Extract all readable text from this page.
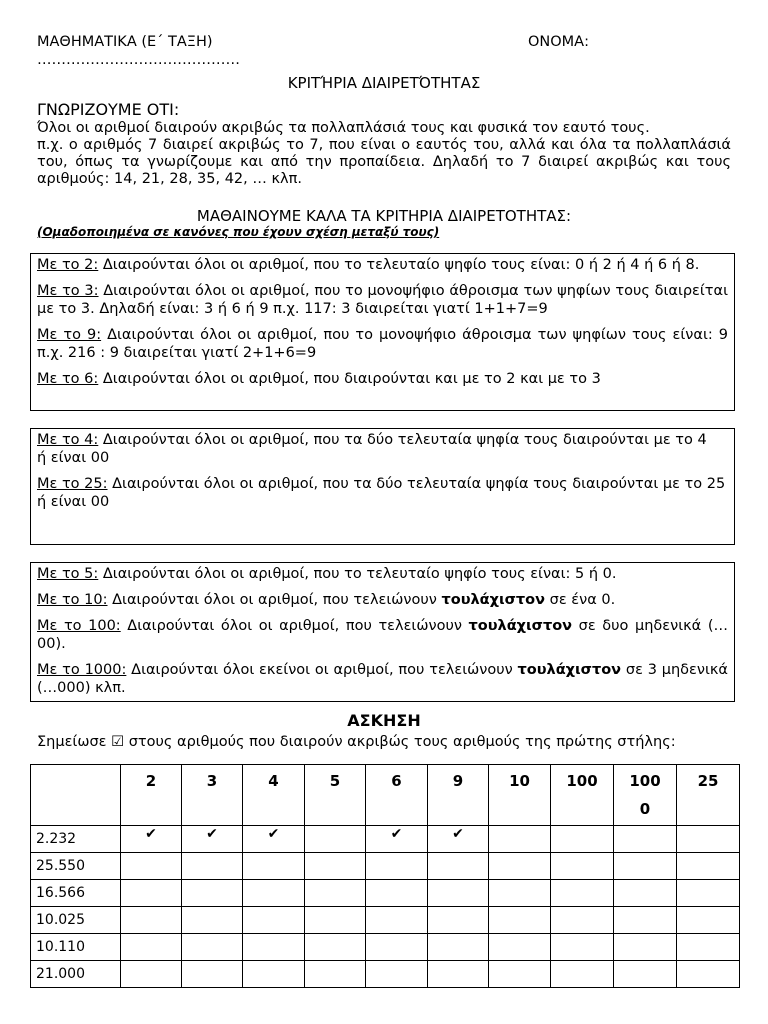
ΜΑΘΗΜΑΤΙΚΑ (Ε΄ ΤΑΞΗ)	ΟΝΟΜΑ:
……………………………………
ΚΡΙΤΉΡΙΑ ΔΙΑΙΡΕΤΌΤΗΤΑΣ
ΓΝΩΡΙΖΟΥΜΕ ΟΤΙ:
Όλοι οι αριθμοί διαιρούν ακριβώς τα πολλαπλάσιά τους και φυσικά τον εαυτό τους.
π.χ. ο αριθμός 7 διαιρεί ακριβώς το 7, που είναι ο εαυτός του, αλλά και όλα τα πολλαπλάσιά του, όπως τα γνωρίζουμε και από την προπαίδεια. Δηλαδή το 7 διαιρεί ακριβώς και τους αριθμούς: 14, 21, 28, 35, 42, … κλπ.
ΜΑΘΑΙΝΟΥΜΕ ΚΑΛΑ ΤΑ ΚΡΙΤΗΡΙΑ ΔΙΑΙΡΕΤΟΤΗΤΑΣ:
(Ομαδοποιημένα σε κανόνες που έχουν σχέση μεταξύ τους)

Με το 2: Διαιρούνται όλοι οι αριθμοί, που το τελευταίο ψηφίο τους είναι: 0 ή 2 ή 4 ή 6 ή 8.

Με το 3: Διαιρούνται όλοι οι αριθμοί, που το μονοψήφιο άθροισμα των ψηφίων τους διαιρείται με το 3. Δηλαδή είναι: 3 ή 6 ή 9 π.χ. 117: 3 διαιρείται γιατί 1+1+7=9

Με το 9: Διαιρούνται όλοι οι αριθμοί, που το μονοψήφιο άθροισμα των ψηφίων τους είναι: 9 π.χ. 216 : 9 διαιρείται γιατί 2+1+6=9

Με το 6: Διαιρούνται όλοι οι αριθμοί, που διαιρούνται και με το 2 και με το 3

Με το 4: Διαιρούνται όλοι οι αριθμοί, που τα δύο τελευταία ψηφία τους διαιρούνται με το 4
ή είναι 00

Με το 25: Διαιρούνται όλοι οι αριθμοί, που τα δύο τελευταία ψηφία τους διαιρούνται με το 25
ή είναι 00

Με το 5: Διαιρούνται όλοι οι αριθμοί, που το τελευταίο ψηφίο τους είναι: 5 ή 0.

Με το 10: Διαιρούνται όλοι οι αριθμοί, που τελειώνουν τουλάχιστον σε ένα 0.

Με το 100: Διαιρούνται όλοι οι αριθμοί, που τελειώνουν τουλάχιστον σε δυο μηδενικά (…00).

Με το 1000: Διαιρούνται όλοι εκείνοι οι αριθμοί, που τελειώνουν τουλάχιστον σε 3 μηδενικά (…000) κλπ.

ΑΣΚΗΣΗ
Σημείωσε ☑ στους αριθμούς που διαιρούν ακριβώς τους αριθμούς της πρώτης στήλης:
	2	3	4	5	6	9	10	100	1000	25
2.232	✔	✔	✔		✔	✔				
25.550										
16.566										
10.025										
10.110										
21.000										
